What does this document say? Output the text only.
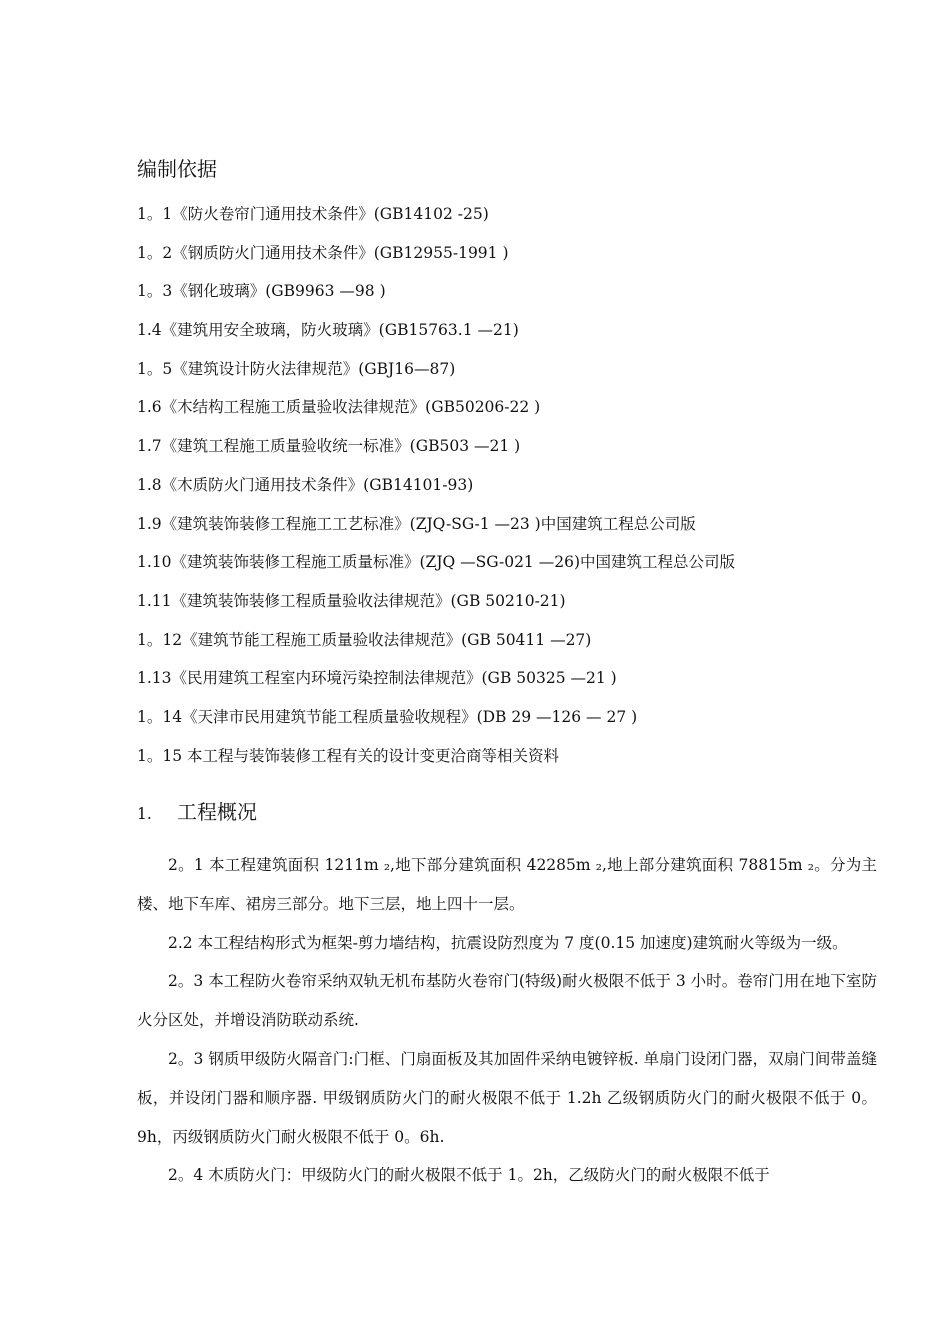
编制依据
1。1《防火卷帘门通用技术条件》(GB14102 -25)
1。2《钢质防火门通用技术条件》(GB12955-1991 )
1。3《钢化玻璃》(GB9963 —98 )
1.4《建筑用安全玻璃，防火玻璃》(GB15763.1 —21)
1。5《建筑设计防火法律规范》(GBJ16—87)
1.6《木结构工程施工质量验收法律规范》(GB50206-22 )
1.7《建筑工程施工质量验收统一标准》(GB503 —21 )
1.8《木质防火门通用技术条件》(GB14101-93)
1.9《建筑装饰装修工程施工工艺标准》(ZJQ-SG-1 —23 )中国建筑工程总公司版
1.10《建筑装饰装修工程施工质量标准》(ZJQ —SG-021 —26)中国建筑工程总公司版
1.11《建筑装饰装修工程质量验收法律规范》(GB 50210-21)
1。12《建筑节能工程施工质量验收法律规范》(GB 50411 —27)
1.13《民用建筑工程室内环境污染控制法律规范》(GB 50325 —21 )
1。14《天津市民用建筑节能工程质量验收规程》(DB 29 —126 — 27 )
1。15 本工程与装饰装修工程有关的设计变更洽商等相关资料
1. 工程概况

2。1 本工程建筑面积 1211m ₂,地下部分建筑面积 42285m ₂,地上部分建筑面积 78815m ₂。分为主楼、地下车库、裙房三部分。地下三层，地上四十一层。

2.2 本工程结构形式为框架-剪力墙结构，抗震设防烈度为 7 度(0.15 加速度)建筑耐火等级为一级。

2。3 本工程防火卷帘采纳双轨无机布基防火卷帘门(特级)耐火极限不低于 3 小时。卷帘门用在地下室防火分区处，并增设消防联动系统.

2。3 钢质甲级防火隔音门:门框、门扇面板及其加固件采纳电镀锌板. 单扇门设闭门器，双扇门间带盖缝板，并设闭门器和顺序器. 甲级钢质防火门的耐火极限不低于 1.2h 乙级钢质防火门的耐火极限不低于 0。9h，丙级钢质防火门耐火极限不低于 0。6h.

2。4 木质防火门：甲级防火门的耐火极限不低于 1。2h，乙级防火门的耐火极限不低于
